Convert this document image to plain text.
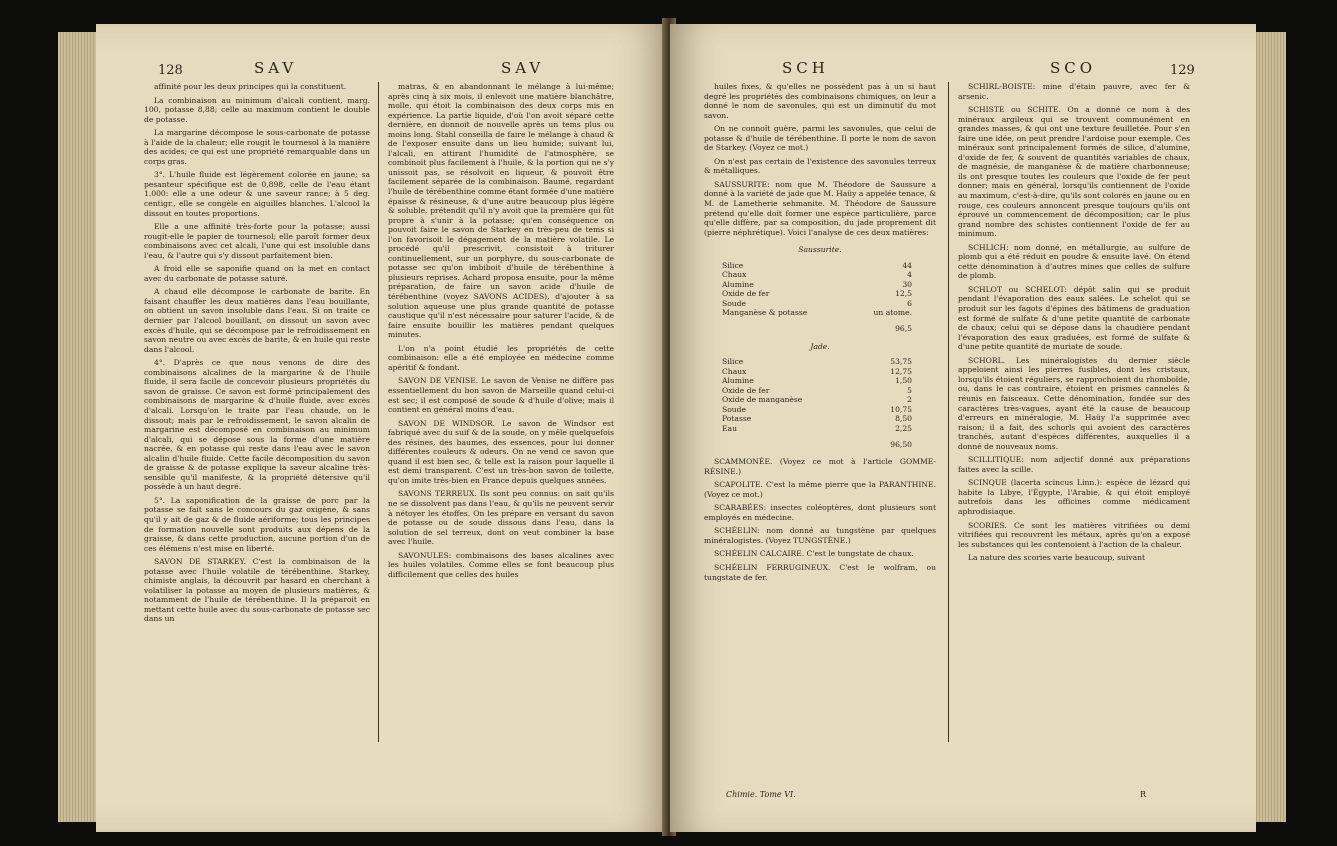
128	SAV	SAV

affinité pour les deux principes qui la constituent.

La combinaison au minimum d'alcali contient, marg. 100, potasse 8,88; celle au maximum contient le double de potasse.

La margarine décompose le sous-carbonate de potasse à l'aide de la chaleur; elle rougit le tournesol à la manière des acides; ce qui est une propriété remarquable dans un corps gras.

3°. L'huile fluide est légèrement colorée en jaune; sa pesanteur spécifique est de 0,898, celle de l'eau étant 1.000: elle a une odeur & une saveur rance; à 5 deg. centigr., elle se congèle en aiguilles blanches. L'alcool la dissout en toutes proportions.

Elle a une affinité très-forte pour la potasse; aussi rougit-elle le papier de tournesol; elle paroît former deux combinaisons avec cet alcali, l'une qui est insoluble dans l'eau, & l'autre qui s'y dissout parfaitement bien.

A froid elle se saponifie quand on la met en contact avec du carbonate de potasse saturé.

A chaud elle décompose le carbonate de barite. En faisant chauffer les deux matières dans l'eau bouillante, on obtient un savon insoluble dans l'eau. Si on traite ce dernier par l'alcool bouillant, on dissout un savon avec excès d'huile, qui se décompose par le refroidissement en savon neutre ou avec excès de barite, & en huile qui reste dans l'alcool.

4°. D'après ce que nous venons de dire des combinaisons alcalines de la margarine & de l'huile fluide, il sera facile de concevoir plusieurs propriétés du savon de graisse. Ce savon est formé principalement des combinaisons de margarine & d'huile fluide, avec excès d'alcali. Lorsqu'on le traite par l'eau chaude, on le dissout; mais par le refroidissement, le savon alcalin de margarine est décomposé en combinaison au minimum d'alcali, qui se dépose sous la forme d'une matière nacrée, & en potasse qui reste dans l'eau avec le savon alcalin d'huile fluide. Cette facile décomposition du savon de graisse & de potasse explique la saveur alcaline très-sensible qu'il manifeste, & la propriété détersive qu'il possède à un haut degré.

5°. La saponification de la graisse de porc par la potasse se fait sans le concours du gaz oxigène, & sans qu'il y ait de gaz & de fluide aériforme; tous les principes de formation nouvelle sont produits aux dépens de la graisse, & dans cette production, aucune portion d'un de ces élémens n'est mise en liberté.

SAVON DE STARKEY. C'est la combinaison de la potasse avec l'huile volatile de térébenthine. Starkey, chimiste anglais, la découvrit par hasard en cherchant à volatiliser la potasse au moyen de plusieurs matières, & notamment de l'huile de térébenthine. Il la préparoit en mettant cette huile avec du sous-carbonate de potasse sec dans un

matras, & en abandonnant le mélange à lui-même; après cinq à six mois, il enlevoit une matière blanchâtre, molle, qui étoit la combinaison des deux corps mis en expérience. La partie liquide, d'où l'on avoit séparé cette dernière, en donnoit de nouvelle après un tems plus ou moins long. Stahl conseilla de faire le mélange à chaud & de l'exposer ensuite dans un lieu humide; suivant lui, l'alcali, en attirant l'humidité de l'atmosphère, se combinoit plus facilement à l'huile, & la portion qui ne s'y unissoit pas, se résolvoit en liqueur, & pouvoit être facilement séparée de la combinaison. Baumé, regardant l'huile de térébenthine comme étant formée d'une matière épaisse & résineuse, & d'une autre beaucoup plus légère & soluble, prétendit qu'il n'y avoit que la première qui fût propre à s'unir à la potasse; qu'en conséquence on pouvoit faire le savon de Starkey en très-peu de tems si l'on favorisoit le dégagement de la matière volatile. Le procédé qu'il prescrivit, consistoit à triturer continuellement, sur un porphyre, du sous-carbonate de potasse sec qu'on imbiboit d'huile de térébenthine à plusieurs reprises. Achard proposa ensuite, pour la même préparation, de faire un savon acide d'huile de térébenthine (voyez SAVONS ACIDES), d'ajouter à sa solution aqueuse une plus grande quantité de potasse caustique qu'il n'est nécessaire pour saturer l'acide, & de faire ensuite bouillir les matières pendant quelques minutes.

L'on n'a point étudié les propriétés de cette combinaison: elle a été employée en médecine comme apéritif & fondant.

SAVON DE VENISE. Le savon de Venise ne diffère pas essentiellement du bon savon de Marseille quand celui-ci est sec; il est composé de soude & d'huile d'olive; mais il contient en général moins d'eau.

SAVON DE WINDSOR. Le savon de Windsor est fabriqué avec du suif & de la soude, on y mêle quelquefois des résines, des baumes, des essences, pour lui donner différentes couleurs & odeurs. On ne vend ce savon que quand il est bien sec, & telle est la raison pour laquelle il est demi transparent. C'est un très-bon savon de toilette, qu'on imite très-bien en France depuis quelques années.

SAVONS TERREUX. Ils sont peu connus: on sait qu'ils ne se dissolvent pas dans l'eau, & qu'ils ne peuvent servir à nétoyer les étoffes. On les prépare en versant du savon de potasse ou de soude dissous dans l'eau, dans la solution de sel terreux, dont on veut combiner la base avec l'huile.

SAVONULES: combinaisons des bases alcalines avec les huiles volatiles. Comme elles se font beaucoup plus difficilement que celles des huiles

SCH	SCO	129

huiles fixes, & qu'elles ne possèdent pas à un si haut degré les propriétés des combinaisons chimiques, on leur a donné le nom de savonules, qui est un diminutif du mot savon.

On ne connoît guère, parmi les savonules, que celui de potasse & d'huile de térébenthine. Il porte le nom de savon de Starkey. (Voyez ce mot.)

On n'est pas certain de l'existence des savonules terreux & métalliques.

SAUSSURITE: nom que M. Théodore de Saussure a donné à la variété de jade que M. Haüy a appelée tenace, & M. de Lametherie sehmanite. M. Théodore de Saussure prétend qu'elle doit former une espèce particulière, parce qu'elle diffère, par sa composition, du jade proprement dit (pierre néphrétique). Voici l'analyse de ces deux matières:

Saussurite.
Silice	44
Chaux	4
Alumine	30
Oxide de fer	12,5
Soude	6
Manganèse & potasse	un atome.
96,5
Jade.
Silice	53,75
Chaux	12,75
Alumine	1,50
Oxide de fer	5
Oxide de manganèse	2
Soude	10,75
Potasse	8,50
Eau	2,25
96,50

SCAMMONÉE. (Voyez ce mot à l'article GOMME-RÉSINE.)

SCAPOLITE. C'est la même pierre que la PARANTHINE. (Voyez ce mot.)

SCARABÉES: insectes coléoptères, dont plusieurs sont employés en médecine.

SCHÉELIN: nom donné au tungstène par quelques minéralogistes. (Voyez TUNGSTÈNE.)

SCHÉELIN CALCAIRE. C'est le tungstate de chaux.

SCHÉELIN FERRUGINEUX. C'est le wolfram, ou tungstate de fer.

SCHIRL-BOISTE: mine d'étain pauvre, avec fer & arsenic.

SCHISTE ou SCHITE. On a donné ce nom à des minéraux argileux qui se trouvent communément en grandes masses, & qui ont une texture feuilletée. Pour s'en faire une idée, on peut prendre l'ardoise pour exemple. Ces minéraux sont principalement formés de silice, d'alumine, d'oxide de fer, & souvent de quantités variables de chaux, de magnésie, de manganèse & de matière charbonneuse; ils ont presque toutes les couleurs que l'oxide de fer peut donner; mais en général, lorsqu'ils contiennent de l'oxide au maximum, c'est-à-dire, qu'ils sont colorés en jaune ou en rouge, ces couleurs annoncent presque toujours qu'ils ont éprouvé un commencement de décomposition; car le plus grand nombre des schistes contiennent l'oxide de fer au minimum.

SCHLICH: nom donné, en métallurgie, au sulfure de plomb qui a été réduit en poudre & ensuite lavé. On étend cette dénomination à d'autres mines que celles de sulfure de plomb.

SCHLOT ou SCHELOT: dépôt salin qui se produit pendant l'évaporation des eaux salées. Le schelot qui se produit sur les fagots d'épines des bâtimens de graduation est formé de sulfate & d'une petite quantité de carbonate de chaux; celui qui se dépose dans la chaudière pendant l'évaporation des eaux graduées, est formé de sulfate & d'une petite quantité de muriate de soude.

SCHORL. Les minéralogistes du dernier siècle appeloient ainsi les pierres fusibles, dont les cristaux, lorsqu'ils étoient réguliers, se rapprochoient du rhomboïde, ou, dans le cas contraire, étoient en prismes cannelés & réunis en faisceaux. Cette dénomination, fondée sur des caractères très-vagues, ayant été la cause de beaucoup d'erreurs en minéralogie, M. Haüy l'a supprimée avec raison; il a fait, des schorls qui avoient des caractères tranchés, autant d'espèces différentes, auxquelles il a donné de nouveaux noms.

SCILLITIQUE: nom adjectif donné aux préparations faites avec la scille.

SCINQUE (lacerta scincus Linn.): espèce de lézard qui habite la Libye, l'Égypte, l'Arabie, & qui étoit employé autrefois dans les officines comme médicament aphrodisiaque.

SCORIES. Ce sont les matières vitrifiées ou demi vitrifiées qui recouvrent les métaux, après qu'on a exposé les substances qui les contenoient à l'action de la chaleur.

La nature des scories varie beaucoup, suivant

Chimie. Tome VI.	R
